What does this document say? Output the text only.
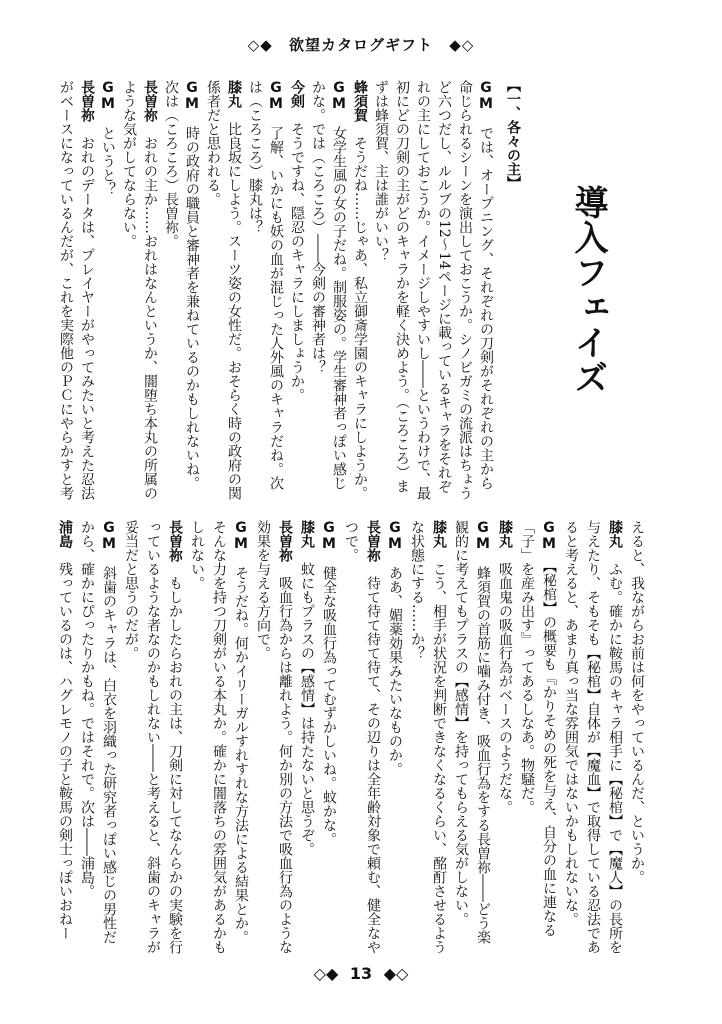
◇◆ 欲望カタログギフト ◆◇
導入フェイズ
【一、各々の主】

GMでは、オープニング、それぞれの刀剣がそれぞれの主から命じられるシーンを演出しておこうか。シノビガミの流派はちょうど六つだし、ルルブの12～14ページに載っているキャラをそれぞれの主にしておこうか。イメージしやすいし――というわけで、最初にどの刀剣の主がどのキャラかを軽く決めよう。（ころころ）まずは蜂須賀、主は誰がいい？

蜂須賀そうだね……じゃあ、私立御斎学園のキャラにしようか。

GM女学生風の女の子だね。制服姿の。学生審神者っぽい感じかな。では（ころころ）――今剣の審神者は？

今剣そうですね、隠忍のキャラにしましょうか。

GM了解、いかにも妖の血が混じった人外風のキャラだね。次は（ころころ）膝丸は？

膝丸比良坂にしよう。スーツ姿の女性だ。おそらく時の政府の関係者だと思われる。

GM時の政府の職員と審神者を兼ねているのかもしれないね。次は（ころころ）長曽祢。

長曽祢おれの主か……おれはなんというか、闇堕ち本丸の所属のような気がしてならない。

GMというと？

長曽祢おれのデータは、プレイヤーがやってみたいと考えた忍法がベースになっているんだが、これを実際他のＰＣにやらかすと考

えると、我ながらお前は何をやっているんだ、というか。

膝丸ふむ。確かに鞍馬のキャラ相手に【秘棺】で【魔人】の長所を与えたり、そもそも【秘棺】自体が【魔血】で取得している忍法であると考えると、あまり真っ当な雰囲気ではないかもしれないな。

GM【秘棺】の概要も『かりそめの死を与え、自分の血に連なる「子」を産み出す』ってあるしなあ。物騒だ。

膝丸吸血鬼の吸血行為がベースのようだな。

GM蜂須賀の首筋に噛み付き、吸血行為をする長曽祢――どう楽観的に考えてもプラスの【感情】を持ってもらえる気がしない。

膝丸こう、相手が状況を判断できなくなるくらい、酩酊させるような状態にする……か？

GMああ、媚薬効果みたいなものか。

長曽祢待て待て待て待て、その辺りは全年齢対象で頼む、健全なやつで。

GM健全な吸血行為ってむずかしいね。蚊かな。

膝丸蚊にもプラスの【感情】は持たないと思うぞ。

長曽祢吸血行為からは離れよう。何か別の方法で吸血行為のような効果を与える方向で。

GMそうだね。何かイリーガルすれすれな方法による結果とか。そんな力を持つ刀剣がいる本丸か。確かに闇落ちの雰囲気があるかもしれない。

長曽祢もしかしたらおれの主は、刀剣に対してなんらかの実験を行っているような者なのかもしれない――と考えると、斜歯のキャラが妥当だと思うのだが。

GM斜歯のキャラは、白衣を羽織った研究者っぽい感じの男性だから、確かにぴったりかもね。ではそれで。次は――浦島。

浦島残っているのは、ハグレモノの子と鞍馬の剣士っぽいおねー

◇◆ 13 ◆◇
